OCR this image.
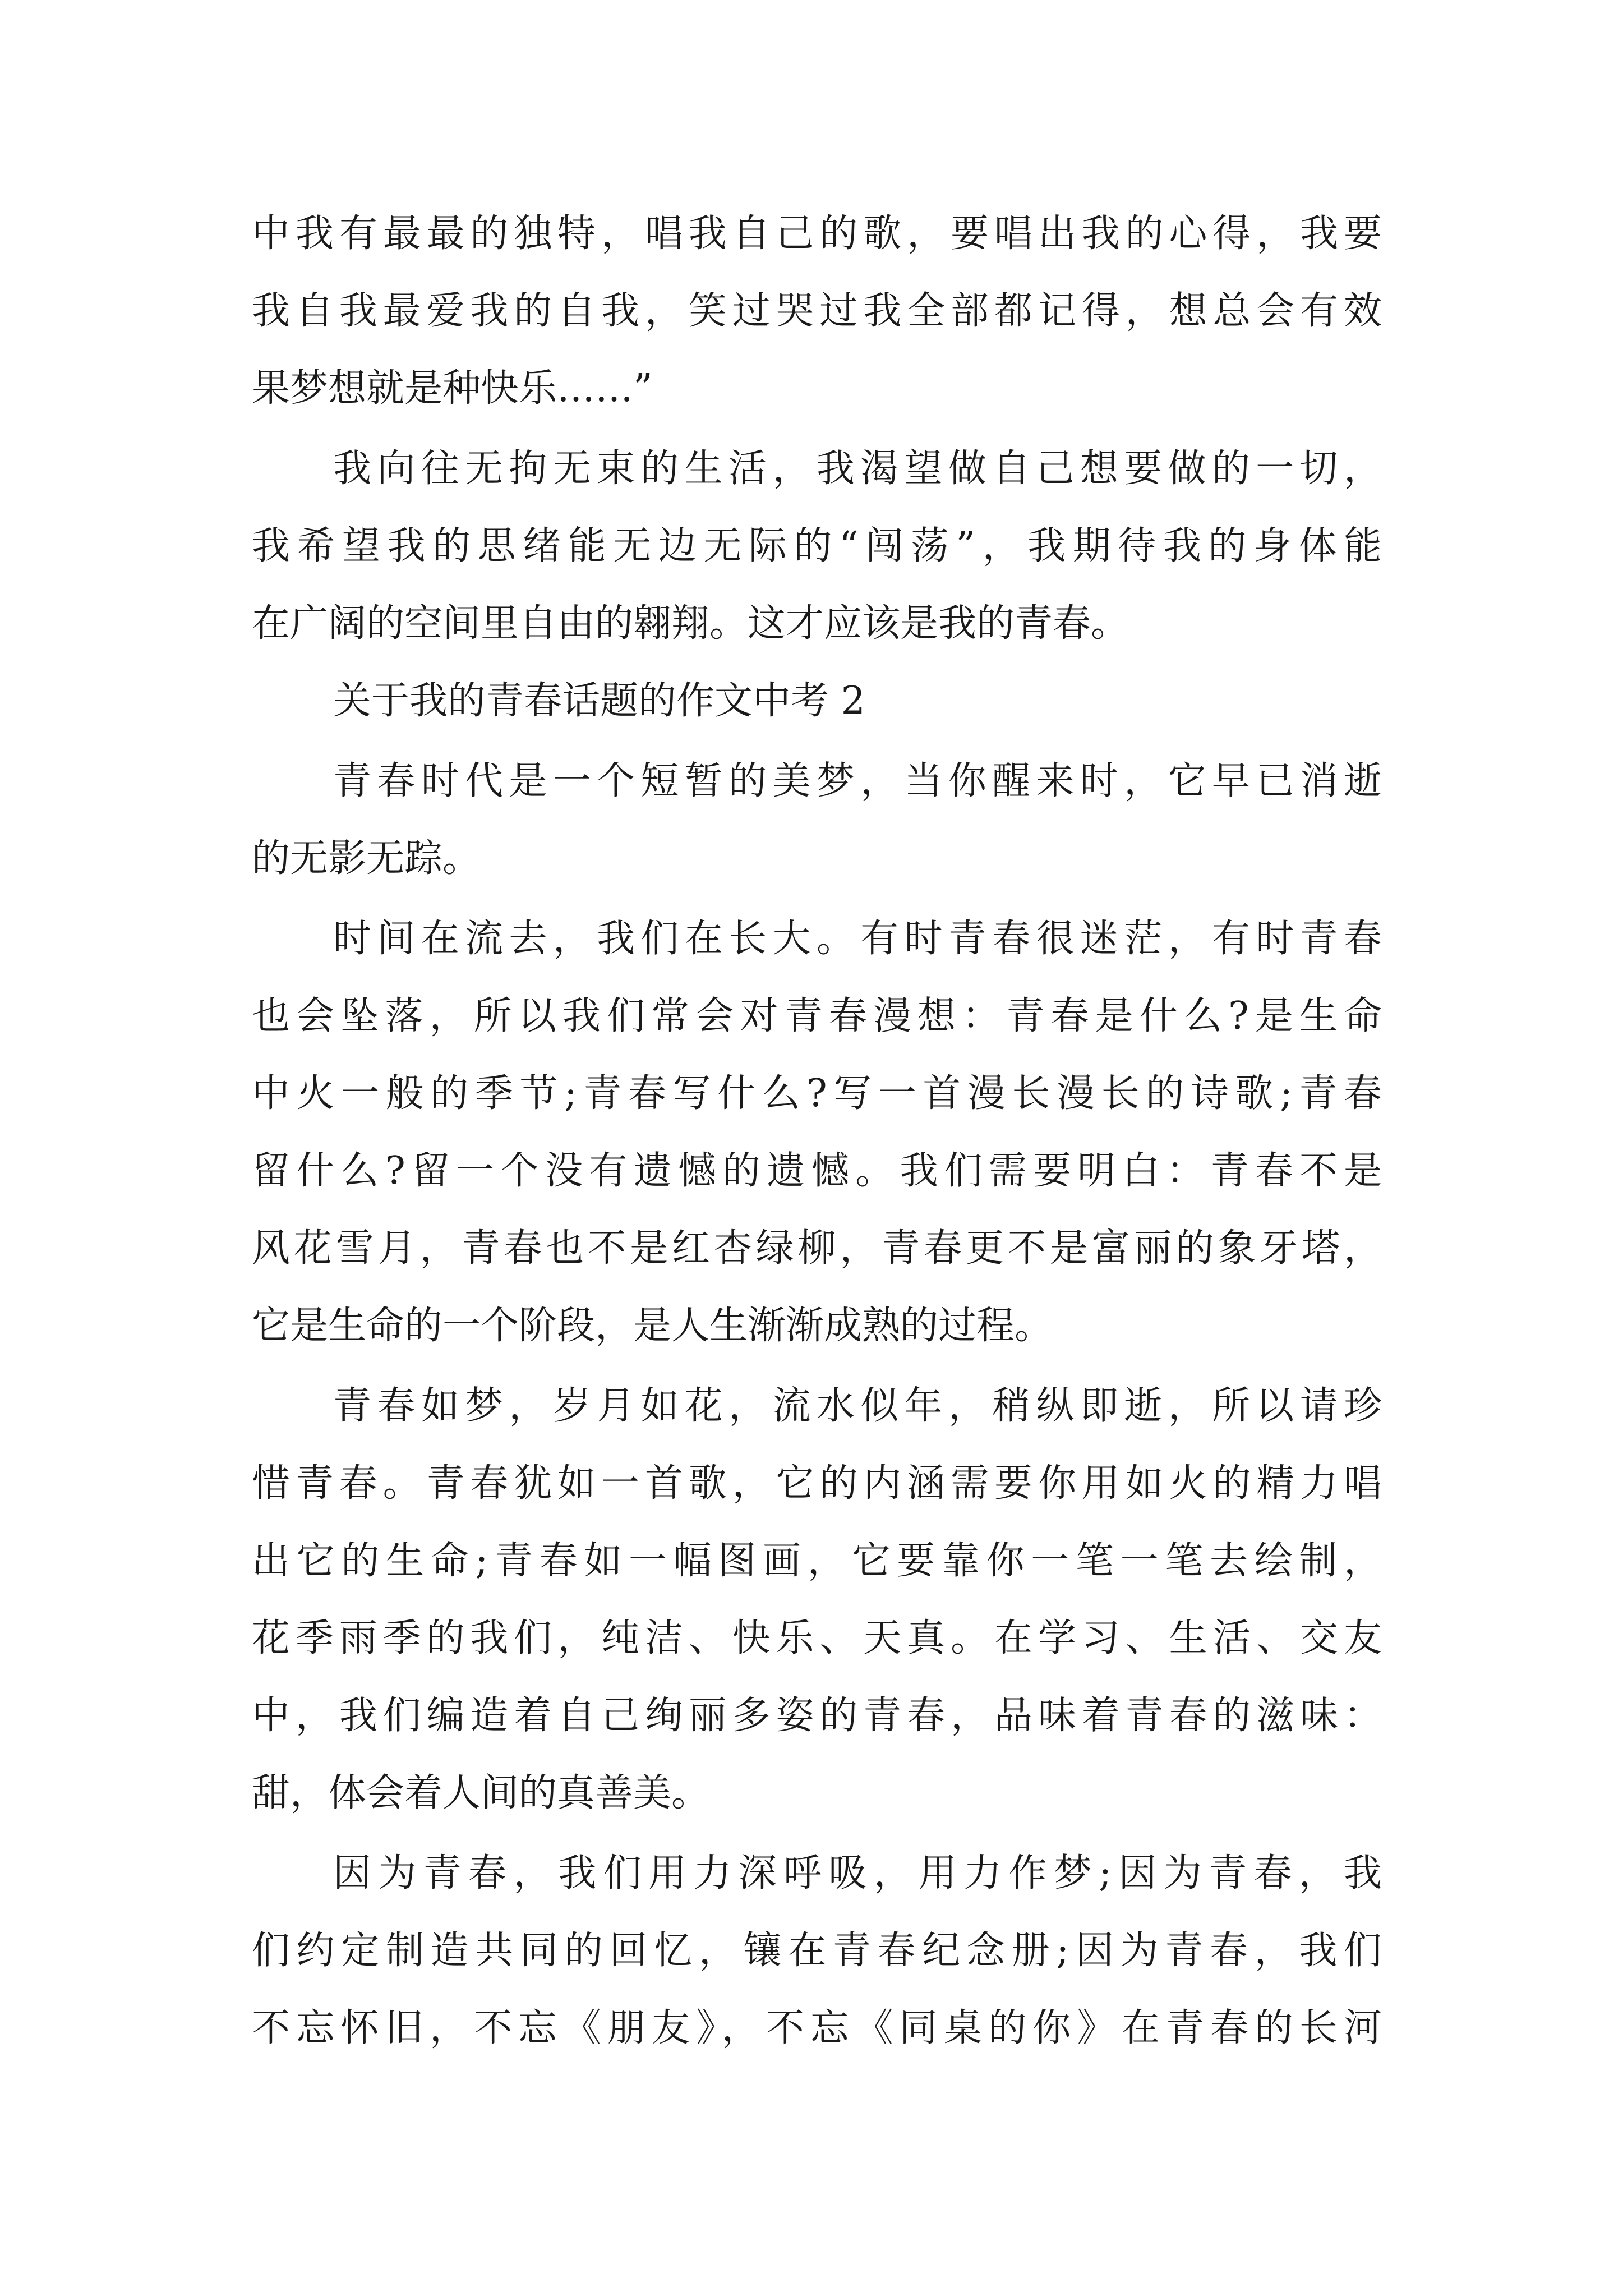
中我有最最的独特，唱我自己的歌，要唱出我的心得，我要
我自我最爱我的自我，笑过哭过我全部都记得，想总会有效
果梦想就是种快乐……”
我向往无拘无束的生活，我渴望做自己想要做的一切，
我希望我的思绪能无边无际的“闯荡”，我期待我的身体能
在广阔的空间里自由的翱翔。这才应该是我的青春。
关于我的青春话题的作文中考 2
青春时代是一个短暂的美梦，当你醒来时，它早已消逝
的无影无踪。
时间在流去，我们在长大。有时青春很迷茫，有时青春
也会坠落，所以我们常会对青春漫想：青春是什么?是生命
中火一般的季节;青春写什么?写一首漫长漫长的诗歌;青春
留什么?留一个没有遗憾的遗憾。我们需要明白：青春不是
风花雪月，青春也不是红杏绿柳，青春更不是富丽的象牙塔，
它是生命的一个阶段，是人生渐渐成熟的过程。
青春如梦，岁月如花，流水似年，稍纵即逝，所以请珍
惜青春。青春犹如一首歌，它的内涵需要你用如火的精力唱
出它的生命;青春如一幅图画，它要靠你一笔一笔去绘制，
花季雨季的我们，纯洁、快乐、天真。在学习、生活、交友
中，我们编造着自己绚丽多姿的青春，品味着青春的滋味：
甜，体会着人间的真善美。
因为青春，我们用力深呼吸，用力作梦;因为青春，我
们约定制造共同的回忆，镶在青春纪念册;因为青春，我们
不忘怀旧，不忘《朋友》，不忘《同桌的你》在青春的长河
